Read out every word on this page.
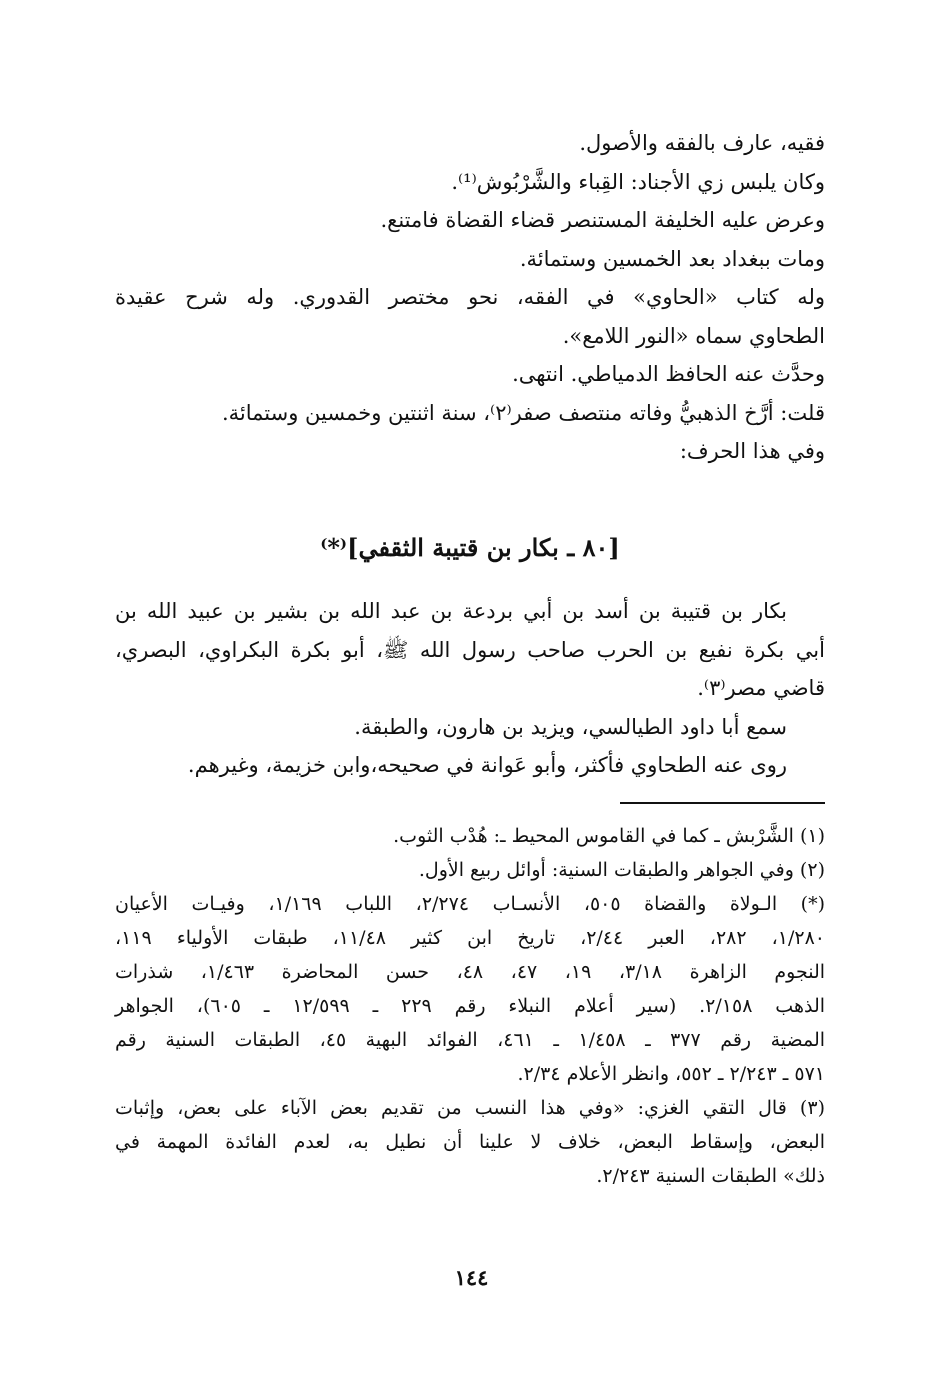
فقيه، عارف بالفقه والأصول.
وكان يلبس زي الأجناد: القِباء والشَّرْبُوش⁽¹⁾.
وعرض عليه الخليفة المستنصر قضاء القضاة فامتنع.
ومات ببغداد بعد الخمسين وستمائة.
وله كتاب «الحاوي» في الفقه، نحو مختصر القدوري. وله شرح عقيدة
الطحاوي سماه «النور اللامع».
وحدَّث عنه الحافظ الدمياطي. انتهى.
قلت: أرَّخ الذهبيُّ وفاته منتصف صفر⁽٢⁾، سنة اثنتين وخمسين وستمائة.
وفي هذا الحرف:
[٨٠ ـ بكار بن قتيبة الثقفي]⁽*⁾
بكار بن قتيبة بن أسد بن أبي بردعة بن عبد الله بن بشير بن عبيد الله بن
أبي بكرة نفيع بن الحرب صاحب رسول الله ﷺ، أبو بكرة البكراوي، البصري،
قاضي مصر⁽٣⁾.
سمع أبا داود الطيالسي، ويزيد بن هارون، والطبقة.
روى عنه الطحاوي فأكثر، وأبو عَوانة في صحيحه،وابن خزيمة، وغيرهم.
(١) الشَّرْبش ـ كما في القاموس المحيط ـ: هُدْب الثوب.
(٢) وفي الجواهر والطبقات السنية: أوائل ربيع الأول.
(*) الـولاة والقضاة ٥٠٥، الأنسـاب ٢/٢٧٤، اللباب ١/١٦٩، وفيـات الأعيان
١/٢٨٠، ٢٨٢، العبر ٢/٤٤، تاريخ ابن كثير ١١/٤٨، طبقات الأولياء ١١٩،
النجوم الزاهرة ٣/١٨، ١٩، ٤٧، ٤٨، حسن المحاضرة ١/٤٦٣، شذرات
الذهب ٢/١٥٨. (سير أعلام النبلاء رقم ٢٢٩ ـ ١٢/٥٩٩ ـ ٦٠٥)، الجواهر
المضية رقم ٣٧٧ ـ ١/٤٥٨ ـ ٤٦١، الفوائد البهية ٤٥، الطبقات السنية رقم
٥٧١ ـ ٢/٢٤٣ ـ ٥٥٢، وانظر الأعلام ٢/٣٤.
(٣) قال التقي الغزي: «وفي هذا النسب من تقديم بعض الآباء على بعض، وإثبات
البعض، وإسقاط البعض، خلاف لا علينا أن نطيل به، لعدم الفائدة المهمة في
ذلك» الطبقات السنية ٢/٢٤٣.
١٤٤
